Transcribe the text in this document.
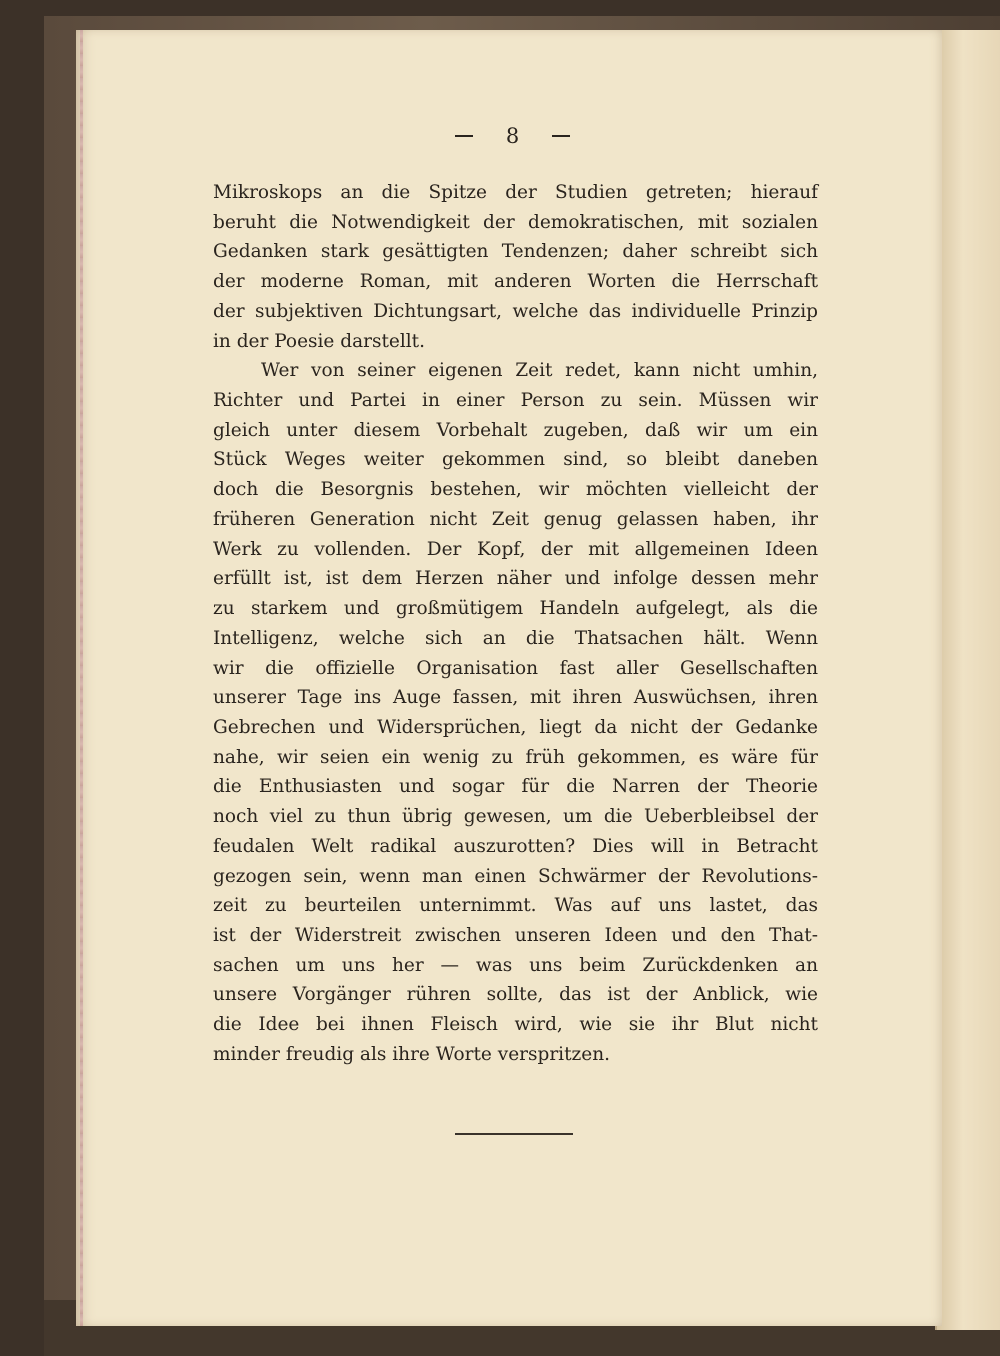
8
Mikroskops an die Spitze der Studien getreten; hierauf
beruht die Notwendigkeit der demokratischen, mit sozialen
Gedanken stark gesättigten Tendenzen; daher schreibt sich
der moderne Roman, mit anderen Worten die Herrschaft
der subjektiven Dichtungsart, welche das individuelle Prinzip
in der Poesie darstellt.
Wer von seiner eigenen Zeit redet, kann nicht umhin,
Richter und Partei in einer Person zu sein. Müssen wir
gleich unter diesem Vorbehalt zugeben, daß wir um ein
Stück Weges weiter gekommen sind, so bleibt daneben
doch die Besorgnis bestehen, wir möchten vielleicht der
früheren Generation nicht Zeit genug gelassen haben, ihr
Werk zu vollenden. Der Kopf, der mit allgemeinen Ideen
erfüllt ist, ist dem Herzen näher und infolge dessen mehr
zu starkem und großmütigem Handeln aufgelegt, als die
Intelligenz, welche sich an die Thatsachen hält. Wenn
wir die offizielle Organisation fast aller Gesellschaften
unserer Tage ins Auge fassen, mit ihren Auswüchsen, ihren
Gebrechen und Widersprüchen, liegt da nicht der Gedanke
nahe, wir seien ein wenig zu früh gekommen, es wäre für
die Enthusiasten und sogar für die Narren der Theorie
noch viel zu thun übrig gewesen, um die Ueberbleibsel der
feudalen Welt radikal auszurotten? Dies will in Betracht
gezogen sein, wenn man einen Schwärmer der Revolutions-
zeit zu beurteilen unternimmt. Was auf uns lastet, das
ist der Widerstreit zwischen unseren Ideen und den That-
sachen um uns her — was uns beim Zurückdenken an
unsere Vorgänger rühren sollte, das ist der Anblick, wie
die Idee bei ihnen Fleisch wird, wie sie ihr Blut nicht
minder freudig als ihre Worte verspritzen.
